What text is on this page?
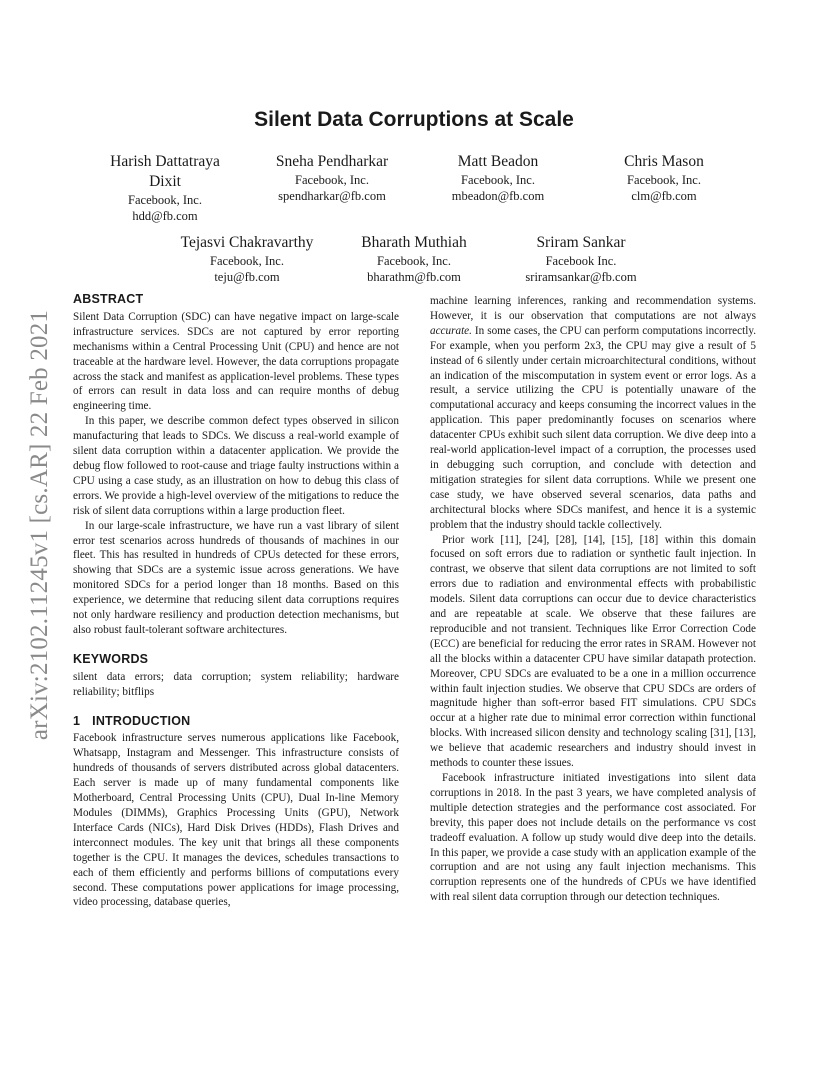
arXiv:2102.11245v1 [cs.AR] 22 Feb 2021
Silent Data Corruptions at Scale
Harish Dattatraya Dixit
Facebook, Inc.
hdd@fb.com
Sneha Pendharkar
Facebook, Inc.
spendharkar@fb.com
Matt Beadon
Facebook, Inc.
mbeadon@fb.com
Chris Mason
Facebook, Inc.
clm@fb.com
Tejasvi Chakravarthy
Facebook, Inc.
teju@fb.com
Bharath Muthiah
Facebook, Inc.
bharathm@fb.com
Sriram Sankar
Facebook Inc.
sriramsankar@fb.com
ABSTRACT

Silent Data Corruption (SDC) can have negative impact on large-scale infrastructure services. SDCs are not captured by error reporting mechanisms within a Central Processing Unit (CPU) and hence are not traceable at the hardware level. However, the data corruptions propagate across the stack and manifest as application-level problems. These types of errors can result in data loss and can require months of debug engineering time.

In this paper, we describe common defect types observed in silicon manufacturing that leads to SDCs. We discuss a real-world example of silent data corruption within a datacenter application. We provide the debug flow followed to root-cause and triage faulty instructions within a CPU using a case study, as an illustration on how to debug this class of errors. We provide a high-level overview of the mitigations to reduce the risk of silent data corruptions within a large production fleet.

In our large-scale infrastructure, we have run a vast library of silent error test scenarios across hundreds of thousands of machines in our fleet. This has resulted in hundreds of CPUs detected for these errors, showing that SDCs are a systemic issue across generations. We have monitored SDCs for a period longer than 18 months. Based on this experience, we determine that reducing silent data corruptions requires not only hardware resiliency and production detection mechanisms, but also robust fault-tolerant software architectures.

KEYWORDS

silent data errors; data corruption; system reliability; hardware reliability; bitflips

1 INTRODUCTION

Facebook infrastructure serves numerous applications like Facebook, Whatsapp, Instagram and Messenger. This infrastructure consists of hundreds of thousands of servers distributed across global datacenters. Each server is made up of many fundamental components like Motherboard, Central Processing Units (CPU), Dual In-line Memory Modules (DIMMs), Graphics Processing Units (GPU), Network Interface Cards (NICs), Hard Disk Drives (HDDs), Flash Drives and interconnect modules. The key unit that brings all these components together is the CPU. It manages the devices, schedules transactions to each of them efficiently and performs billions of computations every second. These computations power applications for image processing, video processing, database queries,

machine learning inferences, ranking and recommendation systems. However, it is our observation that computations are not always accurate. In some cases, the CPU can perform computations incorrectly. For example, when you perform 2x3, the CPU may give a result of 5 instead of 6 silently under certain microarchitectural conditions, without an indication of the miscomputation in system event or error logs. As a result, a service utilizing the CPU is potentially unaware of the computational accuracy and keeps consuming the incorrect values in the application. This paper predominantly focuses on scenarios where datacenter CPUs exhibit such silent data corruption. We dive deep into a real-world application-level impact of a corruption, the processes used in debugging such corruption, and conclude with detection and mitigation strategies for silent data corruptions. While we present one case study, we have observed several scenarios, data paths and architectural blocks where SDCs manifest, and hence it is a systemic problem that the industry should tackle collectively.

Prior work [11], [24], [28], [14], [15], [18] within this domain focused on soft errors due to radiation or synthetic fault injection. In contrast, we observe that silent data corruptions are not limited to soft errors due to radiation and environmental effects with probabilistic models. Silent data corruptions can occur due to device characteristics and are repeatable at scale. We observe that these failures are reproducible and not transient. Techniques like Error Correction Code (ECC) are beneficial for reducing the error rates in SRAM. However not all the blocks within a datacenter CPU have similar datapath protection. Moreover, CPU SDCs are evaluated to be a one in a million occurrence within fault injection studies. We observe that CPU SDCs are orders of magnitude higher than soft-error based FIT simulations. CPU SDCs occur at a higher rate due to minimal error correction within functional blocks. With increased silicon density and technology scaling [31], [13], we believe that academic researchers and industry should invest in methods to counter these issues.

Facebook infrastructure initiated investigations into silent data corruptions in 2018. In the past 3 years, we have completed analysis of multiple detection strategies and the performance cost associated. For brevity, this paper does not include details on the performance vs cost tradeoff evaluation. A follow up study would dive deep into the details. In this paper, we provide a case study with an application example of the corruption and are not using any fault injection mechanisms. This corruption represents one of the hundreds of CPUs we have identified with real silent data corruption through our detection techniques.
